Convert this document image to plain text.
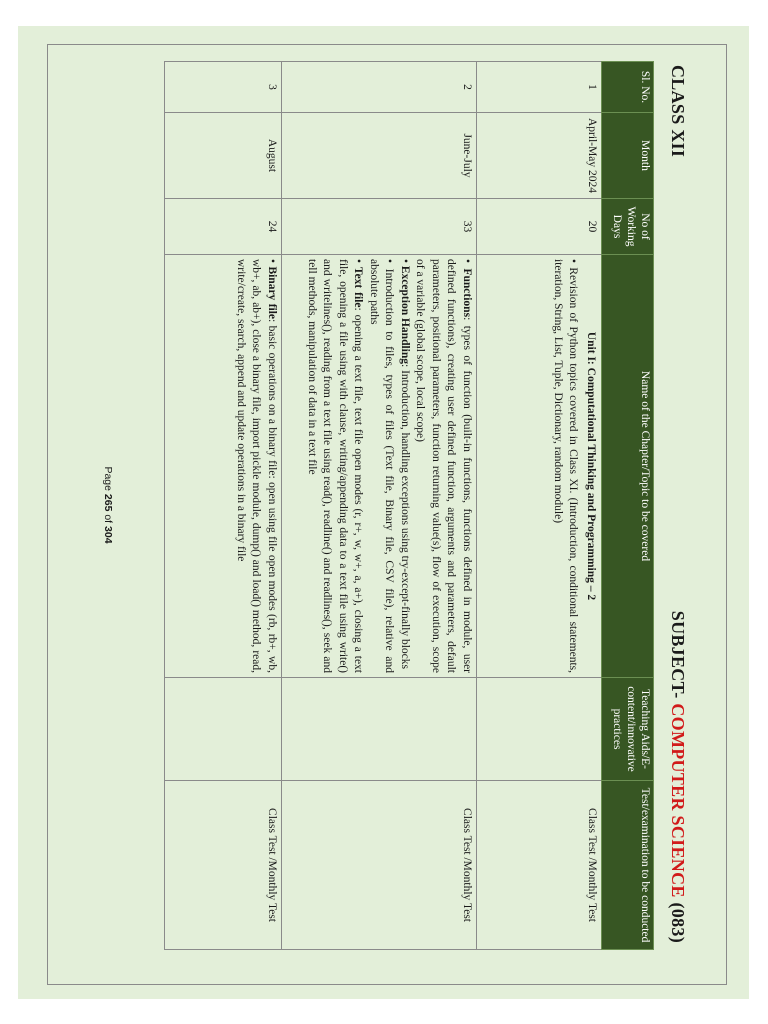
CLASS XII
SUBJECT- COMPUTER SCIENCE (083)
Sl. No.	Month	No of Working Days	Name of the Chapter/Topic to be covered	Teaching Aids/E-content/innovative practices	Test/examination to be conducted
1	April-May 2024	20	Unit I: Computational Thinking and Programming – 2
• Revision of Python topics covered in Class XI. (Introduction, conditional statements, iteration, String, List, Tuple, Dictionary, random module)		Class Test /Monthly Test
2	June-July	33	• Functions: types of function (built-in functions, functions defined in module, user defined functions), creating user defined function, arguments and parameters, default parameters, positional parameters, function returning value(s), flow of execution, scope of a variable (global scope, local scope)
• Exception Handling: Introduction, handling exceptions using try-except-finally blocks
• Introduction to files, types of files (Text file, Binary file, CSV file), relative and absolute paths
• Text file: opening a text file, text file open modes (r, r+, w, w+, a, a+), closing a text file, opening a file using with clause, writing/appending data to a text file using write() and writelines(), reading from a text file using read(), readline() and readlines(), seek and tell methods, manipulation of data in a text file		Class Test /Monthly Test
3	August	24	• Binary file: basic operations on a binary file: open using file open modes (rb, rb+, wb, wb+, ab, ab+), close a binary file, import pickle module, dump() and load() method, read, write/create, search, append and update operations in a binary file		Class Test /Monthly Test
Page 265 of 304
